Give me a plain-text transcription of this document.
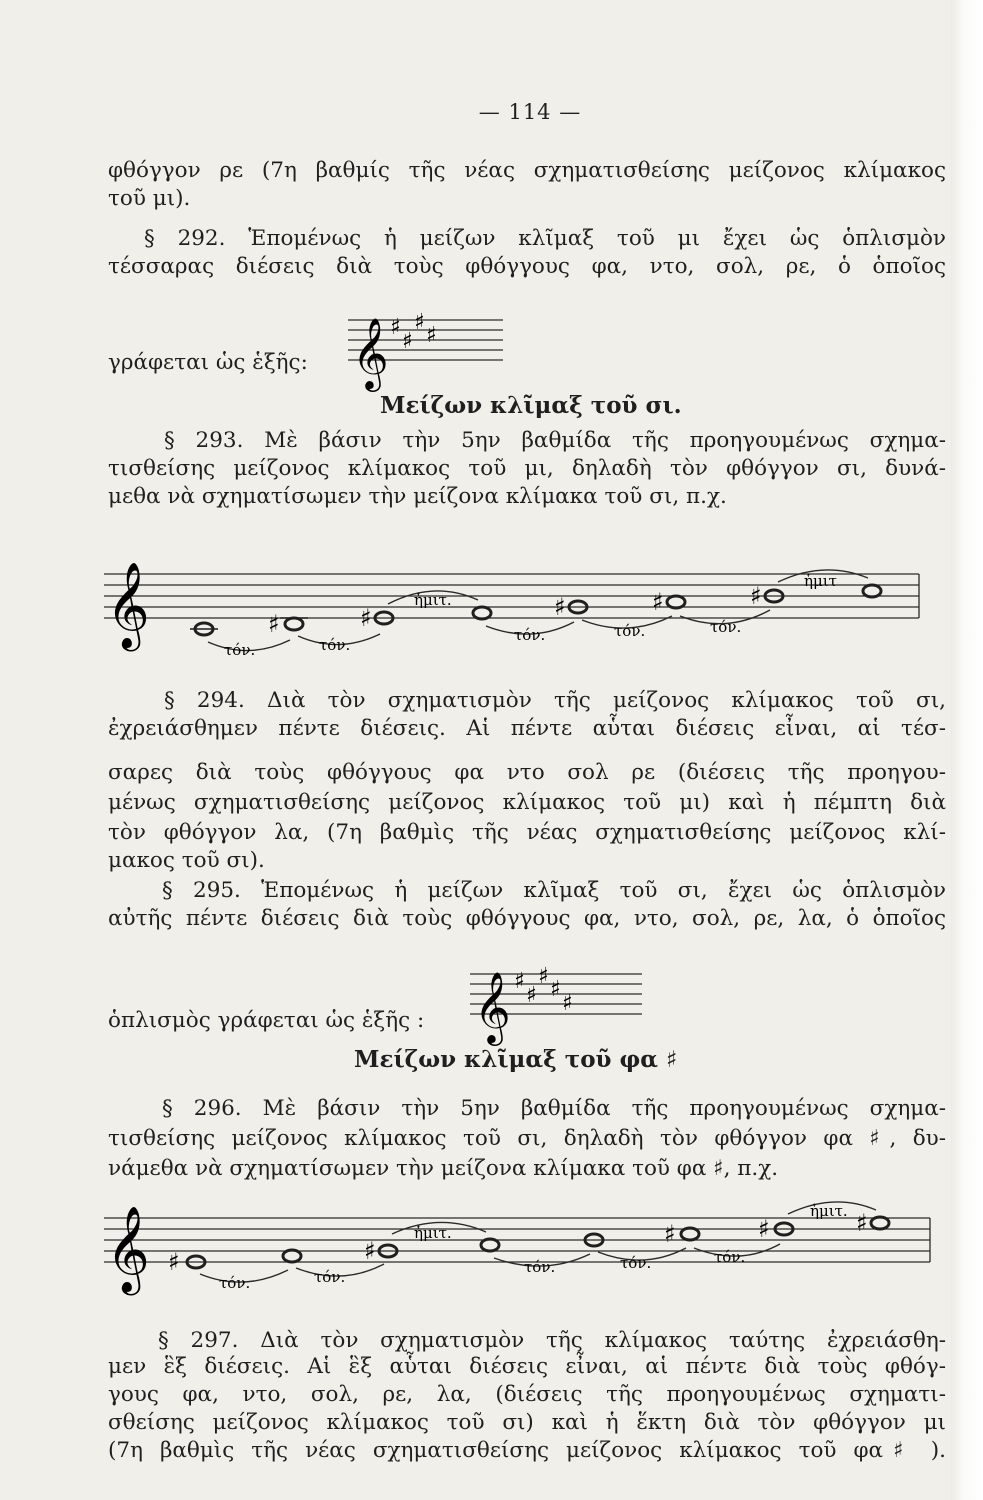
— 114 —

φθόγγον ρε (7η βαθμίς τῆς νέας σχηματισθείσης μείζονος κλίμακος

τοῦ μι).

§ 292. Ἑπομένως ἡ μείζων κλῖμαξ τοῦ μι ἔχει ὡς ὁπλισμὸν

τέσσαρας διέσεις διὰ τοὺς φθόγγους φα, ντο, σολ, ρε, ὁ ὁποῖος

γράφεται ὡς ἑξῆς: 𝄞 ♯
♯
♯
♯
Μείζων κλῖμαξ τοῦ σι.

§ 293. Μὲ βάσιν τὴν 5ην βαθμίδα τῆς προηγουμένως σχημα-

τισθείσης μείζονος κλίμακος τοῦ μι, δηλαδὴ τὸν φθόγγον σι, δυνά-

μεθα νὰ σχηματίσωμεν τὴν μείζονα κλίμακα τοῦ σι, π.χ.

𝄞	♯	♯	♯	♯	♯
τόν.	τόν.
ἡμιτ.
τόν.	τόν.	τόν.
ἡμιτ

§ 294. Διὰ τὸν σχηματισμὸν τῆς μείζονος κλίμακος τοῦ σι,

ἐχρειάσθημεν πέντε διέσεις. Αἱ πέντε αὗται διέσεις εἶναι, αἱ τέσ-

σαρες διὰ τοὺς φθόγγους φα ντο σολ ρε (διέσεις τῆς προηγου-

μένως σχηματισθείσης μείζονος κλίμακος τοῦ μι) καὶ ἡ πέμπτη διὰ

τὸν φθόγγον λα, (7η βαθμὶς τῆς νέας σχηματισθείσης μείζονος κλί-

μακος τοῦ σι).

§ 295. Ἑπομένως ἡ μείζων κλῖμαξ τοῦ σι, ἔχει ὡς ὁπλισμὸν

αὐτῆς πέντε διέσεις διὰ τοὺς φθόγγους φα, ντο, σολ, ρε, λα, ὁ ὁποῖος

ὁπλισμὸς γράφεται ὡς ἑξῆς : 𝄞 ♯
♯
♯
♯
♯
Μείζων κλῖμαξ τοῦ φα ♯

§ 296. Μὲ βάσιν τὴν 5ην βαθμίδα τῆς προηγουμένως σχημα-

τισθείσης μείζονος κλίμακος τοῦ σι, δηλαδὴ τὸν φθόγγον φα ♯, δυ-

νάμεθα νὰ σχηματίσωμεν τὴν μείζονα κλίμακα τοῦ φα ♯, π.χ.

𝄞 ♯	♯
♯	♯	♯
τόν.	τόν.
ἡμιτ.
τόν.	τόν.	τόν.
ἡμιτ.

§ 297. Διὰ τὸν σχηματισμὸν τῆς κλίμακος ταύτης ἐχρειάσθη-

μεν ἓξ διέσεις. Αἱ ἓξ αὗται διέσεις εἶναι, αἱ πέντε διὰ τοὺς φθόγ-

γους φα, ντο, σολ, ρε, λα, (διέσεις τῆς προηγουμένως σχηματι-

σθείσης μείζονος κλίμακος τοῦ σι) καὶ ἡ ἕκτη διὰ τὸν φθόγγον μι

(7η βαθμὶς τῆς νέας σχηματισθείσης μείζονος κλίμακος τοῦ φα♯ ).
